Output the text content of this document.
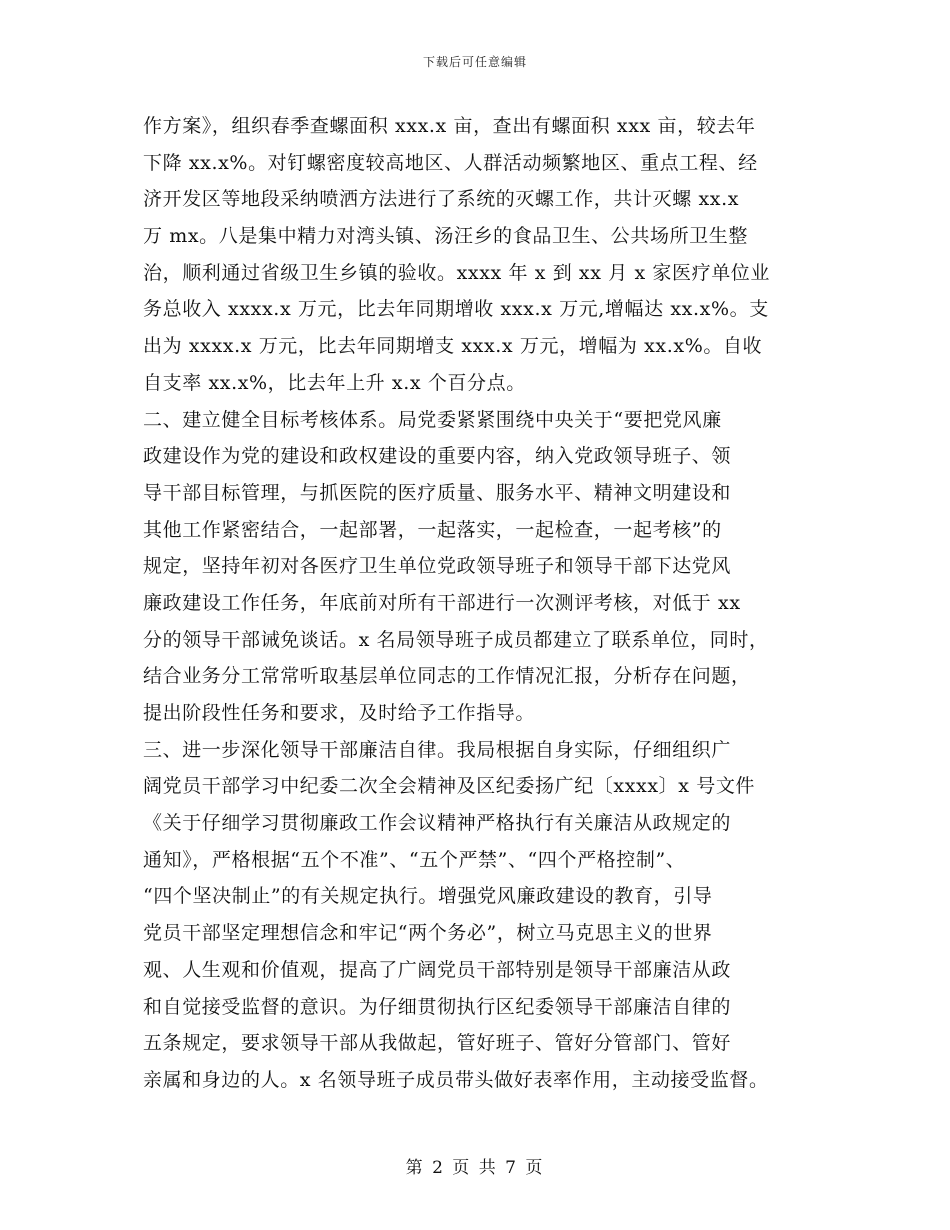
下载后可任意编辑
作方案》，组织春季查螺面积 xxx.x 亩，查出有螺面积 xxx 亩，较去年
下降 xx.x%。对钉螺密度较高地区、人群活动频繁地区、重点工程、经
济开发区等地段采纳喷洒方法进行了系统的灭螺工作，共计灭螺 xx.x
万 mx。八是集中精力对湾头镇、汤汪乡的食品卫生、公共场所卫生整
治，顺利通过省级卫生乡镇的验收。xxxx 年 x 到 xx 月 x 家医疗单位业
务总收入 xxxx.x 万元，比去年同期增收 xxx.x 万元,增幅达 xx.x%。支
出为 xxxx.x 万元，比去年同期增支 xxx.x 万元，增幅为 xx.x%。自收
自支率 xx.x%，比去年上升 x.x 个百分点。
二、建立健全目标考核体系。局党委紧紧围绕中央关于“要把党风廉
政建设作为党的建设和政权建设的重要内容，纳入党政领导班子、领
导干部目标管理，与抓医院的医疗质量、服务水平、精神文明建设和
其他工作紧密结合，一起部署，一起落实，一起检查，一起考核”的
规定，坚持年初对各医疗卫生单位党政领导班子和领导干部下达党风
廉政建设工作任务，年底前对所有干部进行一次测评考核，对低于 xx
分的领导干部诫免谈话。x 名局领导班子成员都建立了联系单位，同时，
结合业务分工常常听取基层单位同志的工作情况汇报，分析存在问题，
提出阶段性任务和要求，及时给予工作指导。
三、进一步深化领导干部廉洁自律。我局根据自身实际，仔细组织广
阔党员干部学习中纪委二次全会精神及区纪委扬广纪〔xxxx〕x 号文件
《关于仔细学习贯彻廉政工作会议精神严格执行有关廉洁从政规定的
通知》，严格根据“五个不准”、“五个严禁”、“四个严格控制”、
“四个坚决制止”的有关规定执行。增强党风廉政建设的教育，引导
党员干部坚定理想信念和牢记“两个务必”，树立马克思主义的世界
观、人生观和价值观，提高了广阔党员干部特别是领导干部廉洁从政
和自觉接受监督的意识。为仔细贯彻执行区纪委领导干部廉洁自律的
五条规定，要求领导干部从我做起，管好班子、管好分管部门、管好
亲属和身边的人。x 名领导班子成员带头做好表率作用，主动接受监督。
第 2 页 共 7 页
